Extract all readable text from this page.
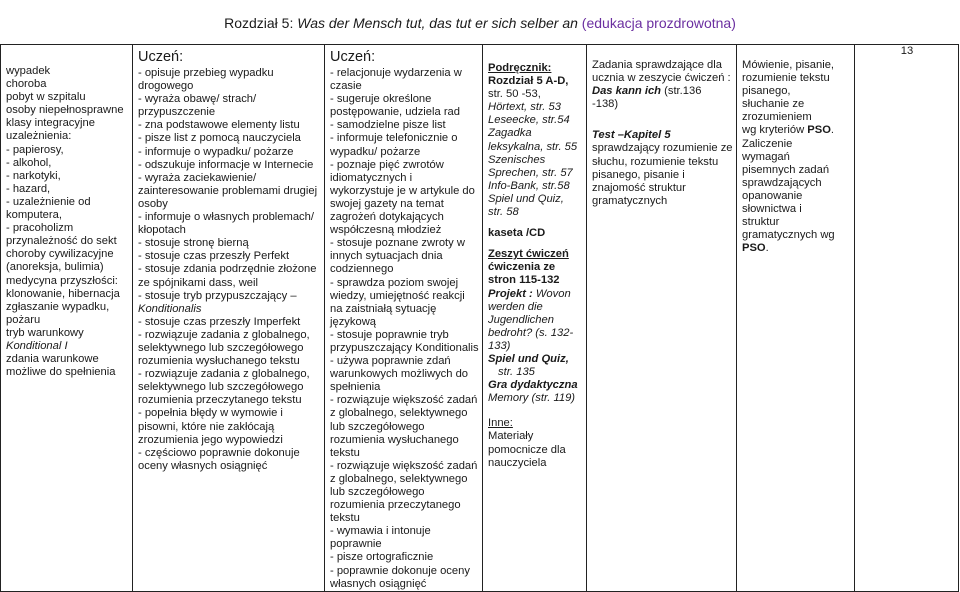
Rozdział 5: Was der Mensch tut, das tut er sich selber an (edukacja prozdrowotna)
wypadek
choroba
pobyt w szpitalu
osoby niepełnosprawne
klasy integracyjne
uzależnienia:
- papierosy,
- alkohol,
- narkotyki,
- hazard,
- uzależnienie od
komputera,
- pracoholizm
przynależność do sekt
choroby cywilizacyjne
(anoreksja, bulimia)
medycyna przyszłości:
klonowanie, hibernacja
zgłaszanie wypadku,
pożaru
tryb warunkowy
Konditional I
zdania warunkowe
możliwe do spełnienia

Uczeń:
- opisuje przebieg wypadku
drogowego
- wyraża obawę/ strach/
przypuszczenie
- zna podstawowe elementy listu
- pisze list z pomocą nauczyciela
- informuje o wypadku/ pożarze
- odszukuje informacje w Internecie
- wyraża zaciekawienie/
zainteresowanie problemami drugiej
osoby
- informuje o własnych problemach/
kłopotach
- stosuje stronę bierną
- stosuje czas przeszły Perfekt
- stosuje zdania podrzędnie złożone
ze spójnikami dass, weil
- stosuje tryb przypuszczający –
Konditionalis
- stosuje czas przeszły Imperfekt
- rozwiązuje zadania z globalnego,
selektywnego lub szczegółowego
rozumienia wysłuchanego tekstu
- rozwiązuje zadania z globalnego,
selektywnego lub szczegółowego
rozumienia przeczytanego tekstu
- popełnia błędy w wymowie i
pisowni, które nie zakłócają
zrozumienia jego wypowiedzi
- częściowo poprawnie dokonuje
oceny własnych osiągnięć

Uczeń:
- relacjonuje wydarzenia w
czasie
- sugeruje określone
postępowanie, udziela rad
- samodzielne pisze list
- informuje telefonicznie o
wypadku/ pożarze
- poznaje pięć zwrotów
idiomatycznych i
wykorzystuje je w artykule do
swojej gazety na temat
zagrożeń dotykających
współczesną młodzież
- stosuje poznane zwroty w
innych sytuacjach dnia
codziennego
- sprawdza poziom swojej
wiedzy, umiejętność reakcji
na zaistniałą sytuację
językową
- stosuje poprawnie tryb
przypuszczający Konditionalis
- używa poprawnie zdań
warunkowych możliwych do
spełnienia
- rozwiązuje większość zadań
z globalnego, selektywnego
lub szczegółowego
rozumienia wysłuchanego
tekstu
- rozwiązuje większość zadań
z globalnego, selektywnego
lub szczegółowego
rozumienia przeczytanego
tekstu
- wymawia i intonuje
poprawnie
- pisze ortograficznie
- poprawnie dokonuje oceny
własnych osiągnięć

Podręcznik:
Rozdział 5 A-D,
str. 50 -53,
Hörtext, str. 53
Leseecke, str.54
Zagadka
leksykalna, str. 55
Szenisches
Sprechen, str. 57
Info-Bank, str.58
Spiel und Quiz,
str. 58
kaseta /CD
Zeszyt ćwiczeń
ćwiczenia ze
stron 115-132
Projekt : Wovon
werden die
Jugendlichen
bedroht? (s. 132-
133)
Spiel und Quiz,
str. 135
Gra dydaktyczna
Memory (str. 119)
Inne:
Materiały
pomocnicze dla
nauczyciela

Zadania sprawdzające dla
ucznia w zeszycie ćwiczeń :
Das kann ich (str.136
-138)
Test –Kapitel 5
sprawdzający rozumienie ze
słuchu, rozumienie tekstu
pisanego, pisanie i
znajomość struktur
gramatycznych

Mówienie, pisanie,
rozumienie tekstu
pisanego,
słuchanie ze
zrozumieniem
wg kryteriów PSO.
Zaliczenie
wymagań
pisemnych zadań
sprawdzających
opanowanie
słownictwa i
struktur
gramatycznych wg
PSO.
	13
